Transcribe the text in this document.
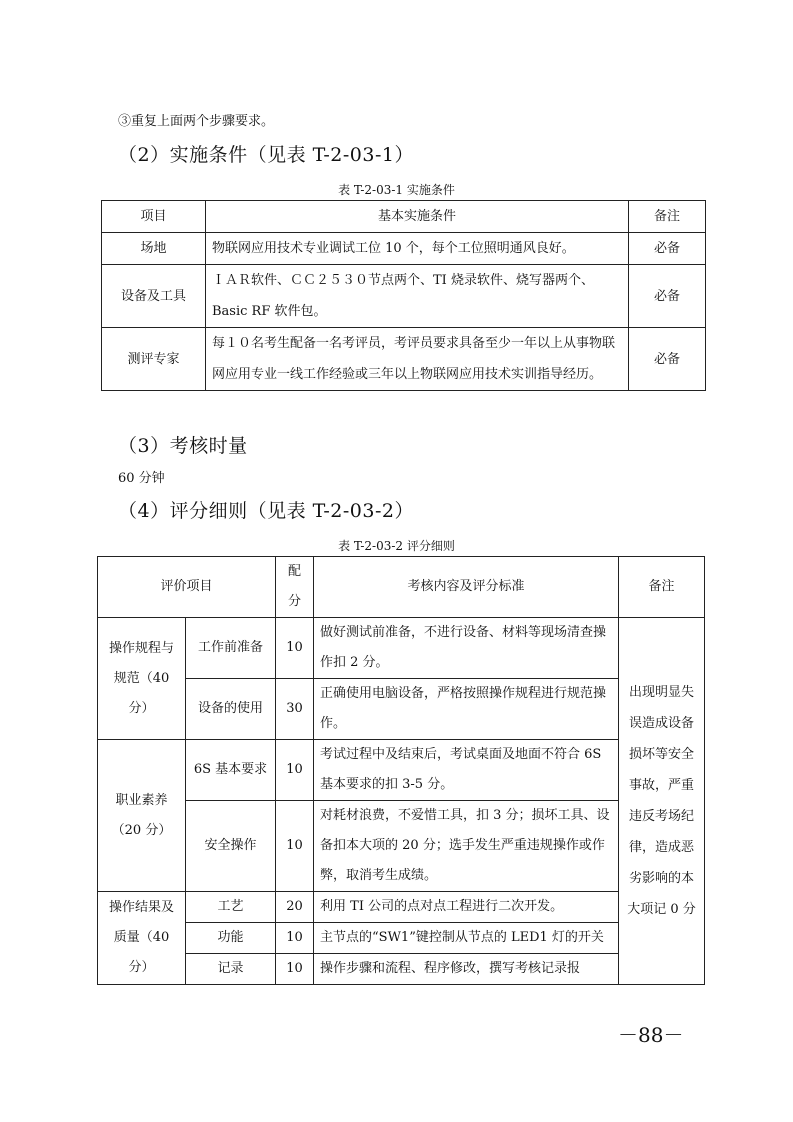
③重复上面两个步骤要求。
（2）实施条件（见表 T-2-03-1）
表 T-2-03-1 实施条件
项目	基本实施条件	备注
场地	物联网应用技术专业调试工位 10 个，每个工位照明通风良好。	必备
设备及工具	ＩＡＲ软件、ＣＣ２５３０节点两个、TI 烧录软件、烧写器两个、Basic RF 软件包。	必备
测评专家	每１０名考生配备一名考评员，考评员要求具备至少一年以上从事物联网应用专业一线工作经验或三年以上物联网应用技术实训指导经历。	必备
（3）考核时量
60 分钟
（4）评分细则（见表 T-2-03-2）
表 T-2-03-2 评分细则
评价项目		配分	考核内容及评分标准	备注
操作规程与规范（40 分）	工作前准备	10	做好测试前准备，不进行设备、材料等现场清查操作扣 2 分。	出现明显失误造成设备损坏等安全事故，严重违反考场纪律，造成恶劣影响的本大项记 0 分
	设备的使用	30	正确使用电脑设备，严格按照操作规程进行规范操作。	
职业素养（20 分）	6S 基本要求	10	考试过程中及结束后，考试桌面及地面不符合 6S 基本要求的扣 3-5 分。	
	安全操作	10	对耗材浪费，不爱惜工具，扣 3 分；损坏工具、设备扣本大项的 20 分；选手发生严重违规操作或作弊，取消考生成绩。	
操作结果及质量（40 分）	工艺	20	利用 TI 公司的点对点工程进行二次开发。	
	功能	10	主节点的“SW1”键控制从节点的 LED1 灯的开关	
	记录	10	操作步骤和流程、程序修改，撰写考核记录报	
－88－
